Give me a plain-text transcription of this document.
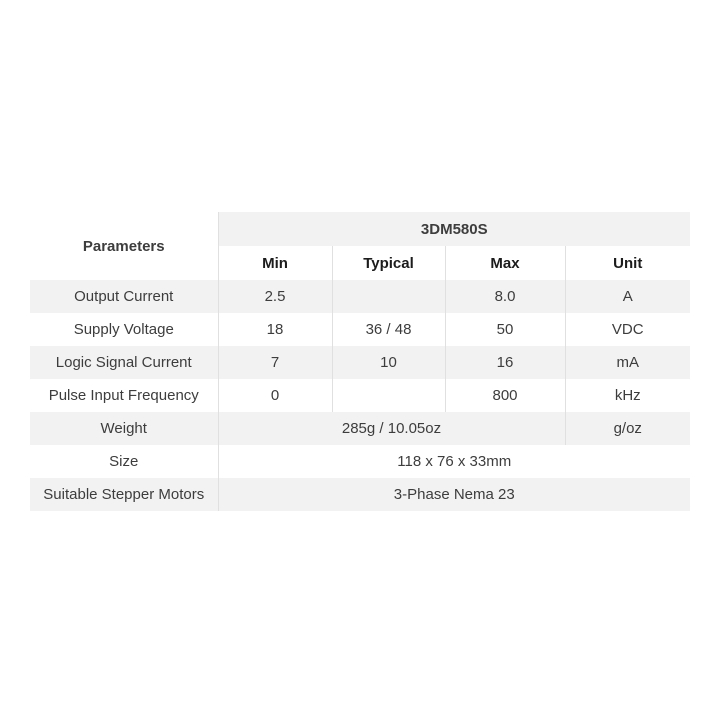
Parameters	3DM580S			
	Min	Typical	Max	Unit
Output Current	2.5		8.0	A
Supply Voltage	18	36 / 48	50	VDC
Logic Signal Current	7	10	16	mA
Pulse Input Frequency	0		800	kHz
Weight	285g / 10.05oz			g/oz
Size	118 x 76 x 33mm			
Suitable Stepper Motors	3-Phase Nema 23			
